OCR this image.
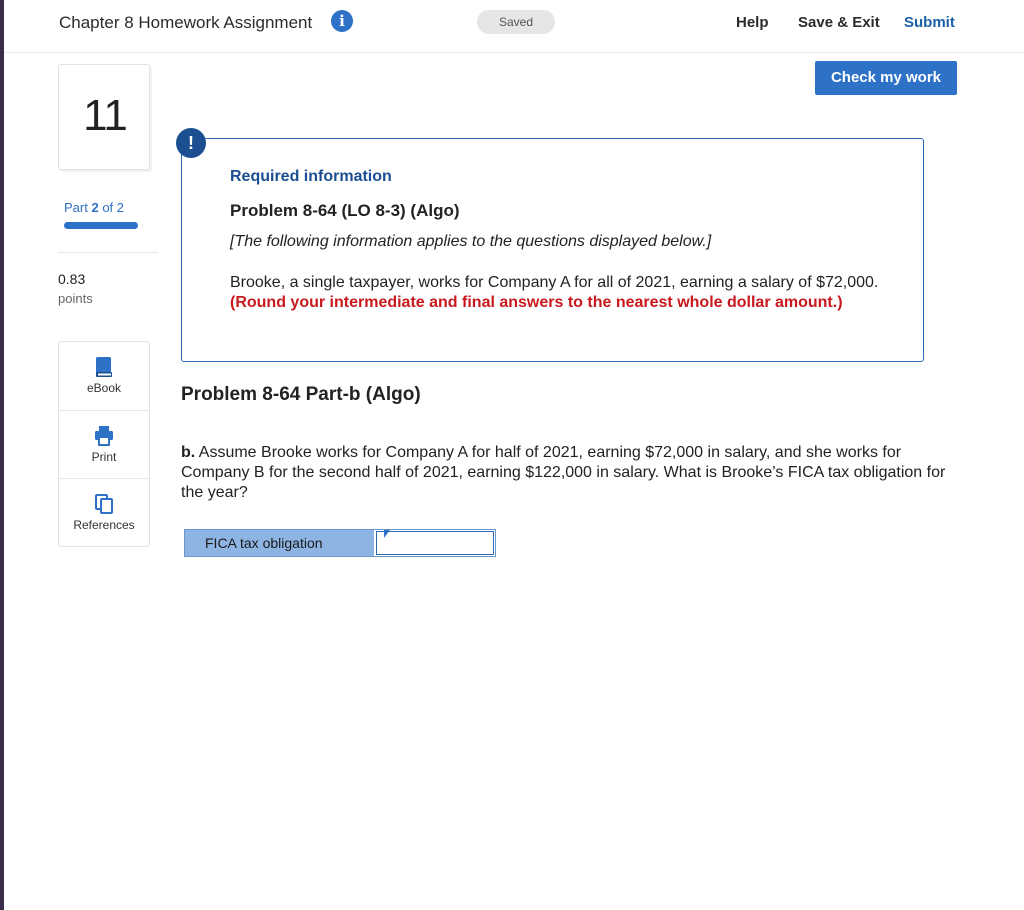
Chapter 8 Homework Assignment	i	Saved	Help Save & Exit Submit
11
Part 2 of 2
0.83
points
eBook
Print
References
Check my work
!
Required information
Problem 8-64 (LO 8-3) (Algo)
[The following information applies to the questions displayed below.]
Brooke, a single taxpayer, works for Company A for all of 2021, earning a salary of $72,000. (Round your intermediate and final answers to the nearest whole dollar amount.)
Problem 8-64 Part-b (Algo)
b. Assume Brooke works for Company A for half of 2021, earning $72,000 in salary, and she works for Company B for the second half of 2021, earning $122,000 in salary. What is Brooke’s FICA tax obligation for the year?
FICA tax obligation
